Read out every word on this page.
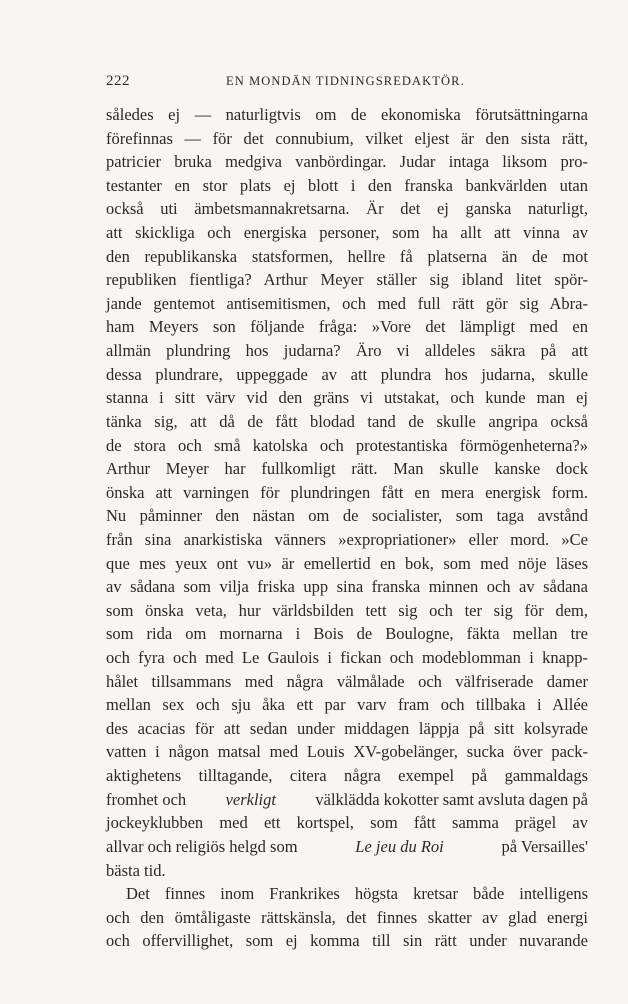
222	EN MONDÄN TIDNINGSREDAKTÖR.
således ej — naturligtvis om de ekonomiska förutsättningarna
förefinnas — för det connubium, vilket eljest är den sista rätt,
patricier bruka medgiva vanbördingar. Judar intaga liksom pro-
testanter en stor plats ej blott i den franska bankvärlden utan
också uti ämbetsmannakretsarna. Är det ej ganska naturligt,
att skickliga och energiska personer, som ha allt att vinna av
den republikanska statsformen, hellre få platserna än de mot
republiken fientliga? Arthur Meyer ställer sig ibland litet spör-
jande gentemot antisemitismen, och med full rätt gör sig Abra-
ham Meyers son följande fråga: »Vore det lämpligt med en
allmän plundring hos judarna? Äro vi alldeles säkra på att
dessa plundrare, uppeggade av att plundra hos judarna, skulle
stanna i sitt värv vid den gräns vi utstakat, och kunde man ej
tänka sig, att då de fått blodad tand de skulle angripa också
de stora och små katolska och protestantiska förmögenheterna?»
Arthur Meyer har fullkomligt rätt. Man skulle kanske dock
önska att varningen för plundringen fått en mera energisk form.
Nu påminner den nästan om de socialister, som taga avstånd
från sina anarkistiska vänners »expropriationer» eller mord. »Ce
que mes yeux ont vu» är emellertid en bok, som med nöje läses
av sådana som vilja friska upp sina franska minnen och av sådana
som önska veta, hur världsbilden tett sig och ter sig för dem,
som rida om mornarna i Bois de Boulogne, fäkta mellan tre
och fyra och med Le Gaulois i fickan och modeblomman i knapp-
hålet tillsammans med några välmålade och välfriserade damer
mellan sex och sju åka ett par varv fram och tillbaka i Allée
des acacias för att sedan under middagen läppja på sitt kolsyrade
vatten i någon matsal med Louis XV-gobelänger, sucka över pack-
aktighetens tilltagande, citera några exempel på gammaldags
fromhet och verkligt välklädda kokotter samt avsluta dagen på
jockeyklubben med ett kortspel, som fått samma prägel av
allvar och religiös helgd som	Le jeu du Roi	på Versailles'
bästa tid.
Det finnes inom Frankrikes högsta kretsar både intelligens
och den ömtåligaste rättskänsla, det finnes skatter av glad energi
och offervillighet, som ej komma till sin rätt under nuvarande
